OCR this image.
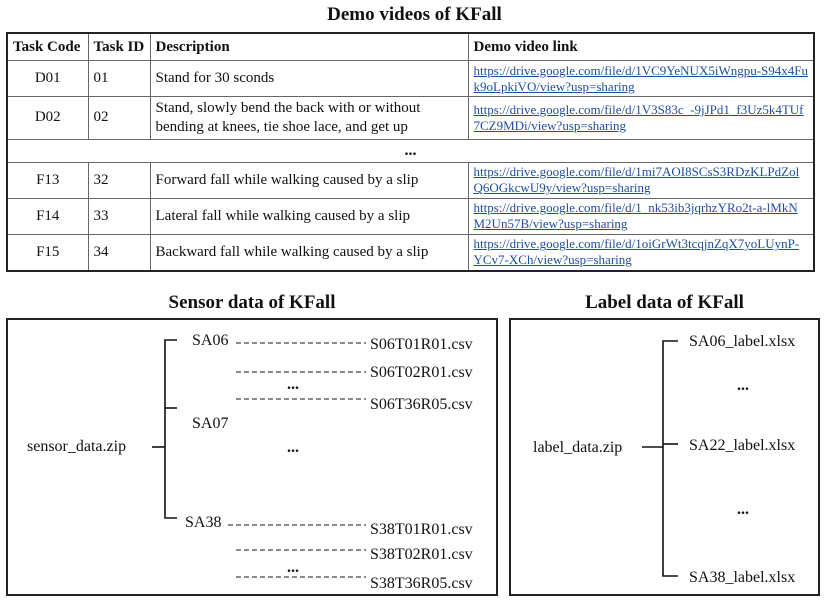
Demo videos of KFall
Task Code	Task ID	Description	Demo video link
D01	01	Stand for 30 sconds	https://drive.google.com/file/d/1VC9YeNUX5iWngpu-S94x4Fuk9oLpkiVO/view?usp=sharing
D02	02	Stand, slowly bend the back with or without bending at knees, tie shoe lace, and get up	https://drive.google.com/file/d/1V3S83c_-9jJPd1_f3Uz5k4TUf7CZ9MDi/view?usp=sharing
...			
F13	32	Forward fall while walking caused by a slip	https://drive.google.com/file/d/1mi7AOI8SCsS3RDzKLPdZolQ6OGkcwU9y/view?usp=sharing
F14	33	Lateral fall while walking caused by a slip	https://drive.google.com/file/d/1_nk53ib3jqrhzYRo2t-a-lMkNM2Un57B/view?usp=sharing
F15	34	Backward fall while walking caused by a slip	https://drive.google.com/file/d/1oiGrWt3tcqjnZqX7yoLUynP-YCv7-XCh/view?usp=sharing
Sensor data of KFall	Label data of KFall
sensor_data.zip
SA06
SA07
SA38
S06T01R01.csv
S06T02R01.csv
S06T36R05.csv
S38T01R01.csv
S38T02R01.csv
S38T36R05.csv
...
...
...
label_data.zip
SA06_label.xlsx
SA22_label.xlsx
SA38_label.xlsx
...
...
